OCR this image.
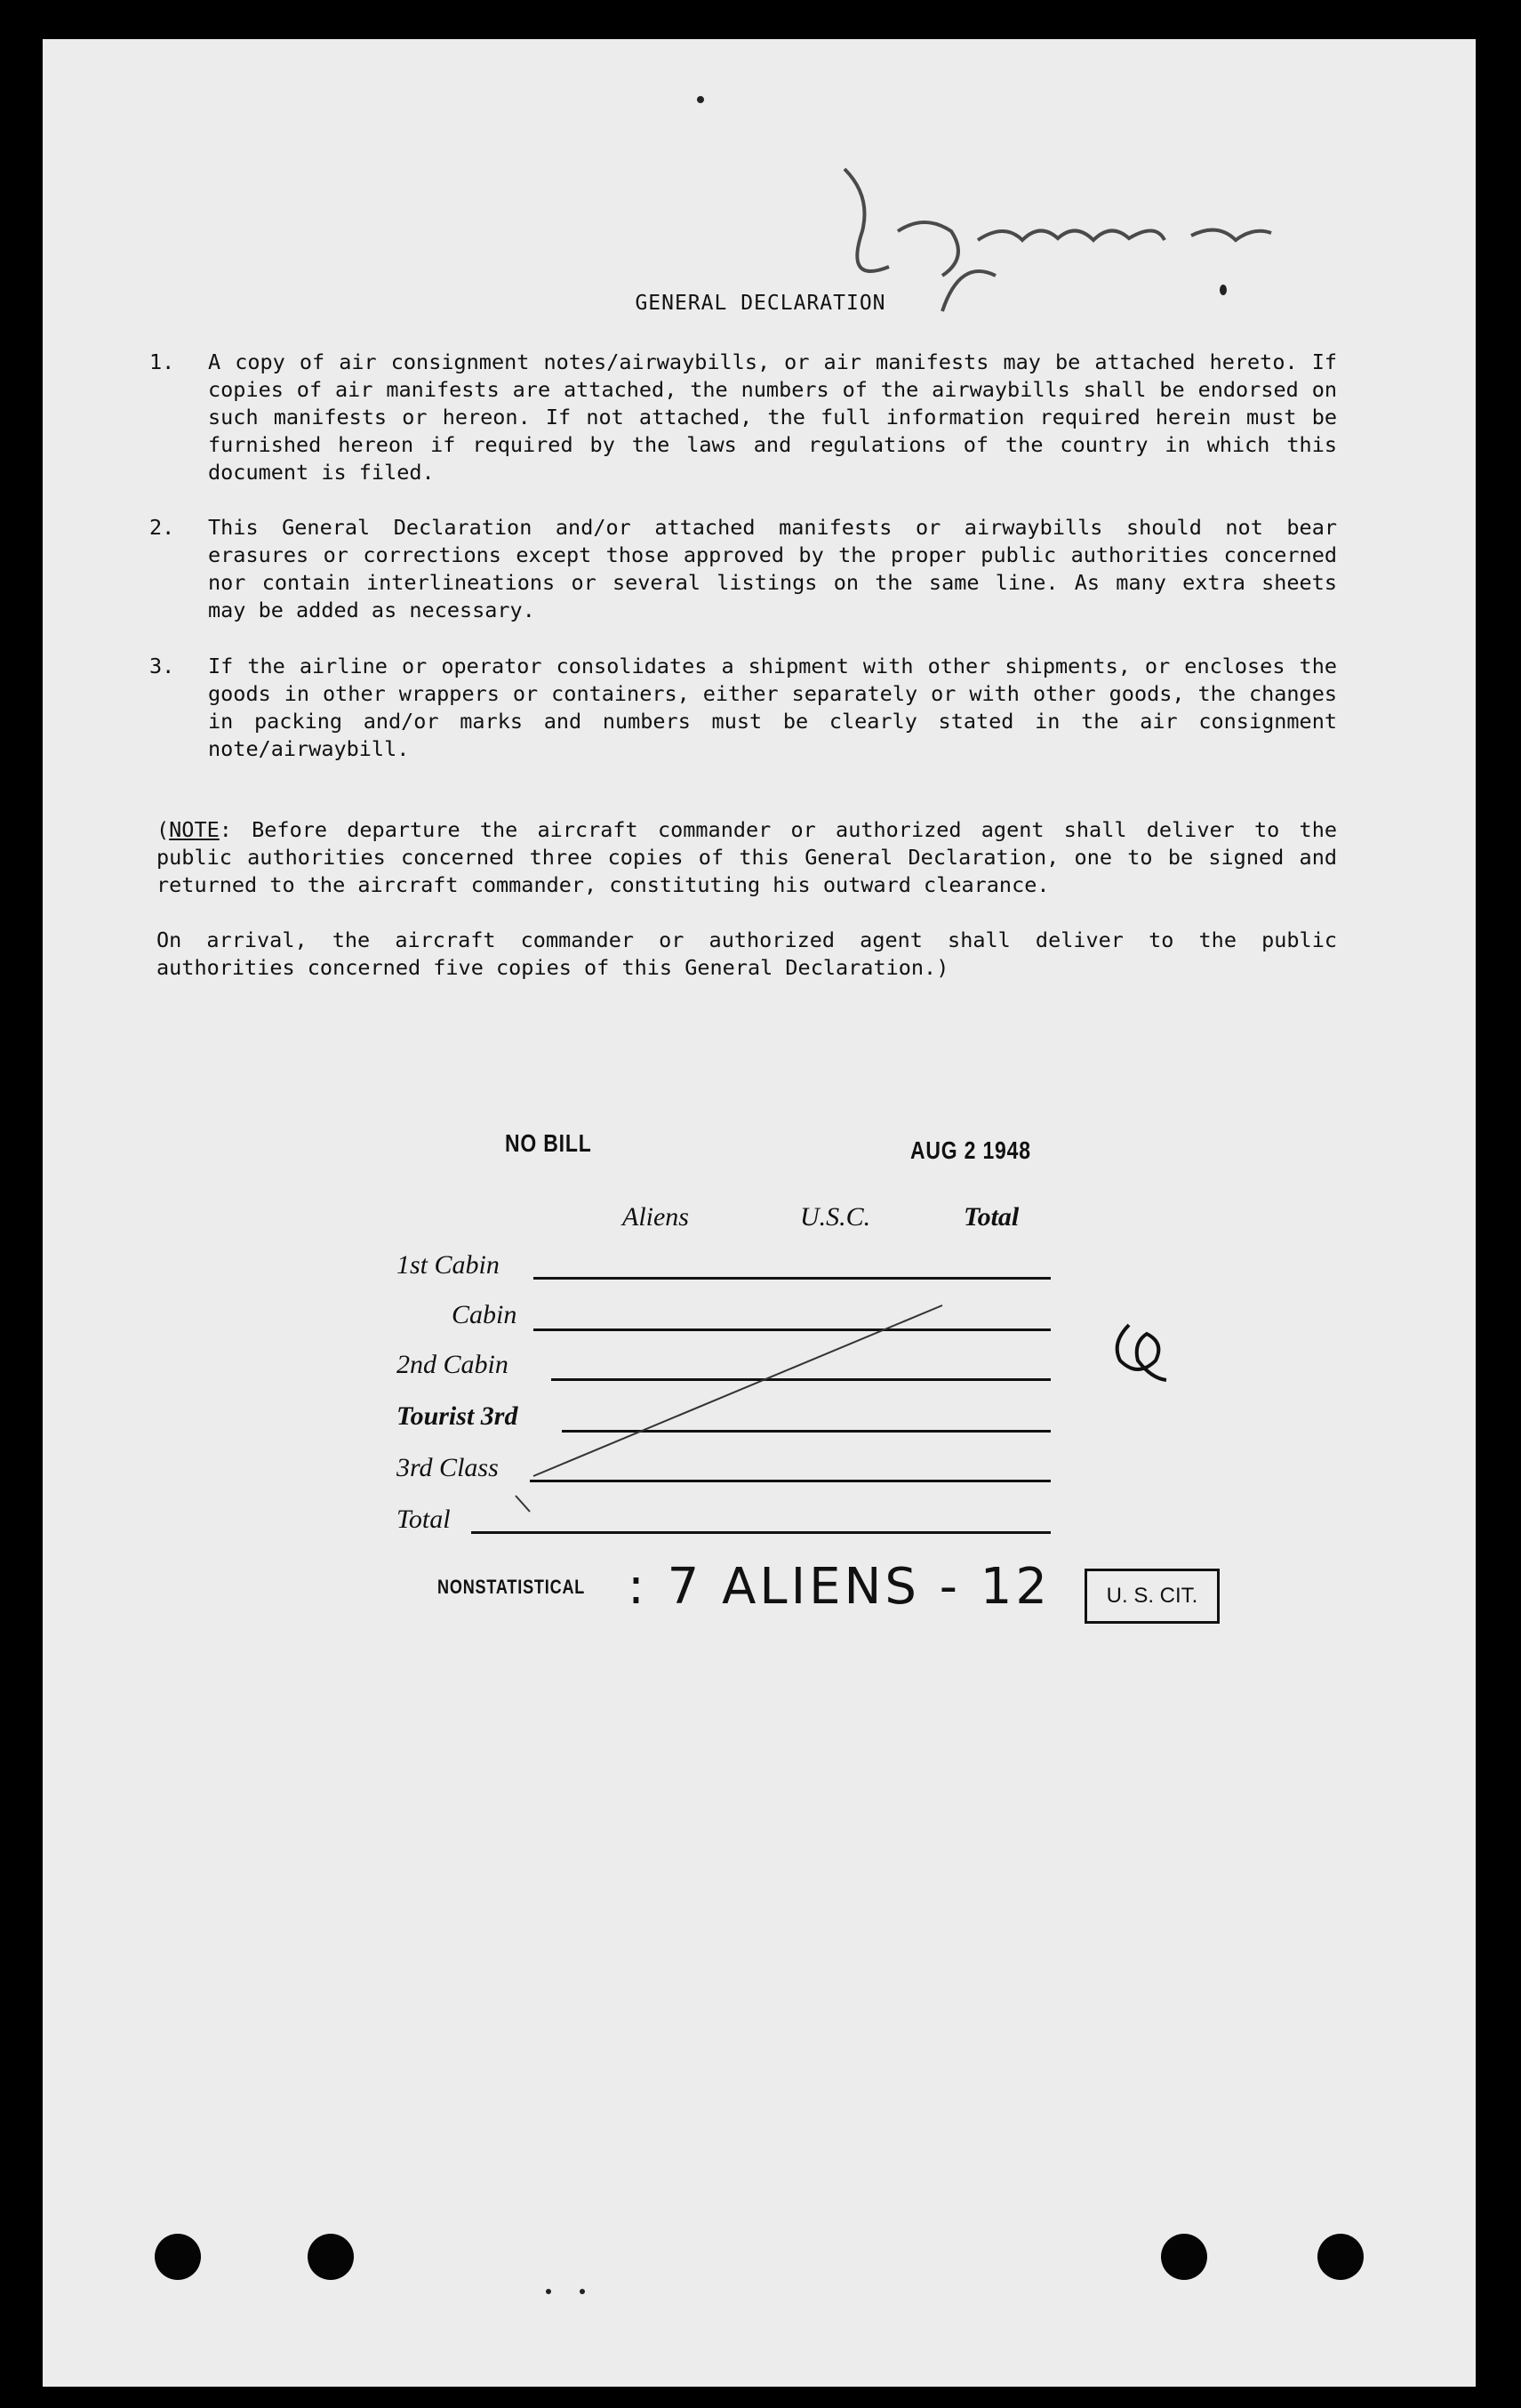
GENERAL DECLARATION
1.	A copy of air consignment notes/airwaybills, or air manifests may be attached hereto. If copies of air manifests are attached, the numbers of the airwaybills shall be endorsed on such manifests or hereon. If not attached, the full information required herein must be furnished hereon if required by the laws and regulations of the country in which this document is filed.
2.	This General Declaration and/or attached manifests or airwaybills should not bear erasures or corrections except those approved by the proper public authorities concerned nor contain interlineations or several listings on the same line. As many extra sheets may be added as necessary.
3.	If the airline or operator consolidates a shipment with other shipments, or encloses the goods in other wrappers or containers, either separately or with other goods, the changes in packing and/or marks and numbers must be clearly stated in the air consignment note/airwaybill.
(NOTE: Before departure the aircraft commander or authorized agent shall deliver to the public authorities concerned three copies of this General Declaration, one to be signed and returned to the aircraft commander, constituting his outward clearance.
On arrival, the aircraft commander or authorized agent shall deliver to the public authorities concerned five copies of this General Declaration.)
NO BILL	AUG 2 1948
Aliens	U.S.C.	Total
1st Cabin
Cabin
2nd Cabin
Tourist 3rd
3rd Class
Total
NONSTATISTICAL : 7 ALIENS - 12	U. S. CIT.
